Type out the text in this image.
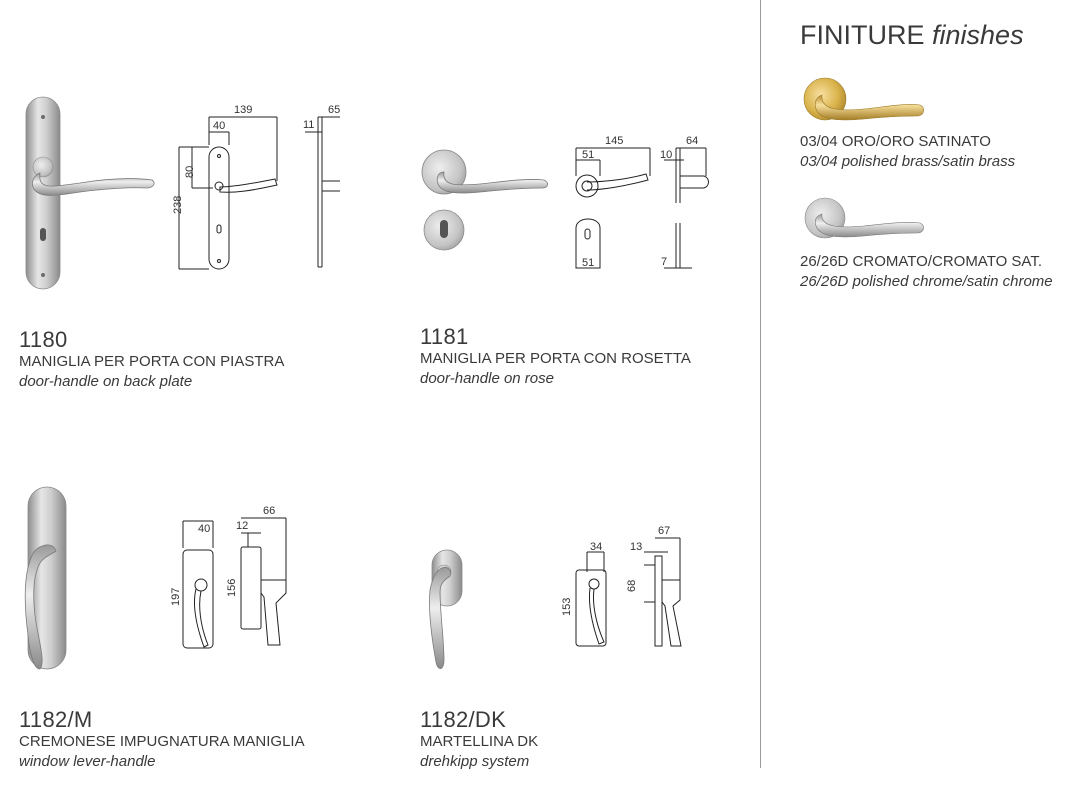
139
40
80
238
65
11
1180
MANIGLIA PER PORTA CON PIASTRA
door-handle on back plate
145
51
51
64
10
7
1181
MANIGLIA PER PORTA CON ROSETTA
door-handle on rose
40
197
66
12
156
1182/M
CREMONESE IMPUGNATURA MANIGLIA
window lever-handle
34
153
67
13
68
1182/DK
MARTELLINA DK
drehkipp system
FINITURE finishes
03/04 ORO/ORO SATINATO
03/04 polished brass/satin brass
26/26D CROMATO/CROMATO SAT.
26/26D polished chrome/satin chrome
